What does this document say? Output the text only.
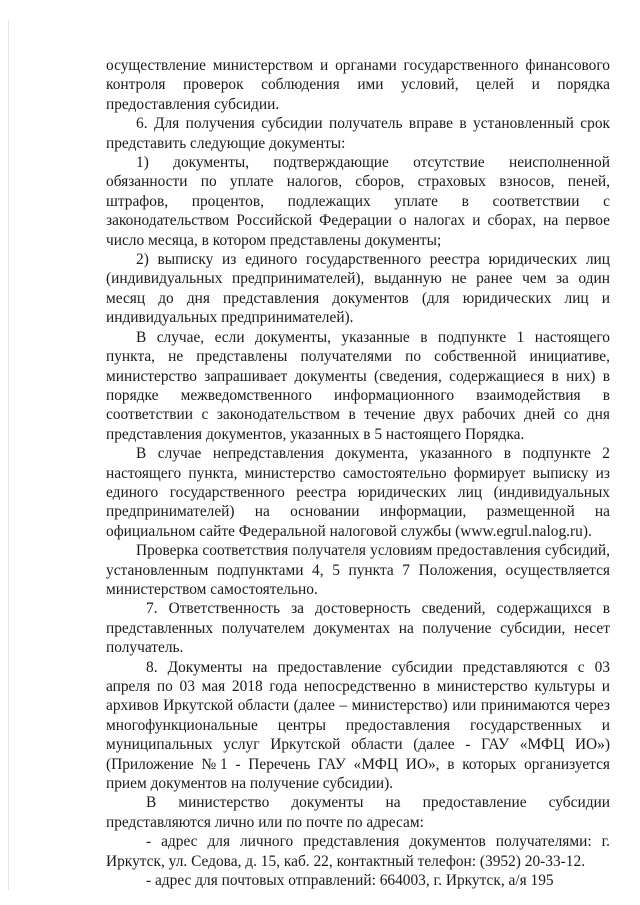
осуществление министерством и органами государственного финансового контроля проверок соблюдения ими условий, целей и порядка предоставления субсидии.

6. Для получения субсидии получатель вправе в установленный срок представить следующие документы:

1) документы, подтверждающие отсутствие неисполненной обязанности по уплате налогов, сборов, страховых взносов, пеней, штрафов, процентов, подлежащих уплате в соответствии с законодательством Российской Федерации о налогах и сборах, на первое число месяца, в котором представлены документы;

2) выписку из единого государственного реестра юридических лиц (индивидуальных предпринимателей), выданную не ранее чем за один месяц до дня представления документов (для юридических лиц и индивидуальных предпринимателей).

В случае, если документы, указанные в подпункте 1 настоящего пункта, не представлены получателями по собственной инициативе, министерство запрашивает документы (сведения, содержащиеся в них) в порядке межведомственного информационного взаимодействия в соответствии с законодательством в течение двух рабочих дней со дня представления документов, указанных в 5 настоящего Порядка.

В случае непредставления документа, указанного в подпункте 2 настоящего пункта, министерство самостоятельно формирует выписку из единого государственного реестра юридических лиц (индивидуальных предпринимателей) на основании информации, размещенной на официальном сайте Федеральной налоговой службы (www.egrul.nalog.ru).

Проверка соответствия получателя условиям предоставления субсидий, установленным подпунктами 4, 5 пункта 7 Положения, осуществляется министерством самостоятельно.

7. Ответственность за достоверность сведений, содержащихся в представленных получателем документах на получение субсидии, несет получатель.

8. Документы на предоставление субсидии представляются с 03 апреля по 03 мая 2018 года непосредственно в министерство культуры и архивов Иркутской области (далее – министерство) или принимаются через многофункциональные центры предоставления государственных и муниципальных услуг Иркутской области (далее - ГАУ «МФЦ ИО») (Приложение №1 - Перечень ГАУ «МФЦ ИО», в которых организуется прием документов на получение субсидии).

В министерство документы на предоставление субсидии представляются лично или по почте по адресам:

- адрес для личного представления документов получателями: г. Иркутск, ул. Седова, д. 15, каб. 22, контактный телефон: (3952) 20-33-12.

- адрес для почтовых отправлений: 664003, г. Иркутск, а/я 195
